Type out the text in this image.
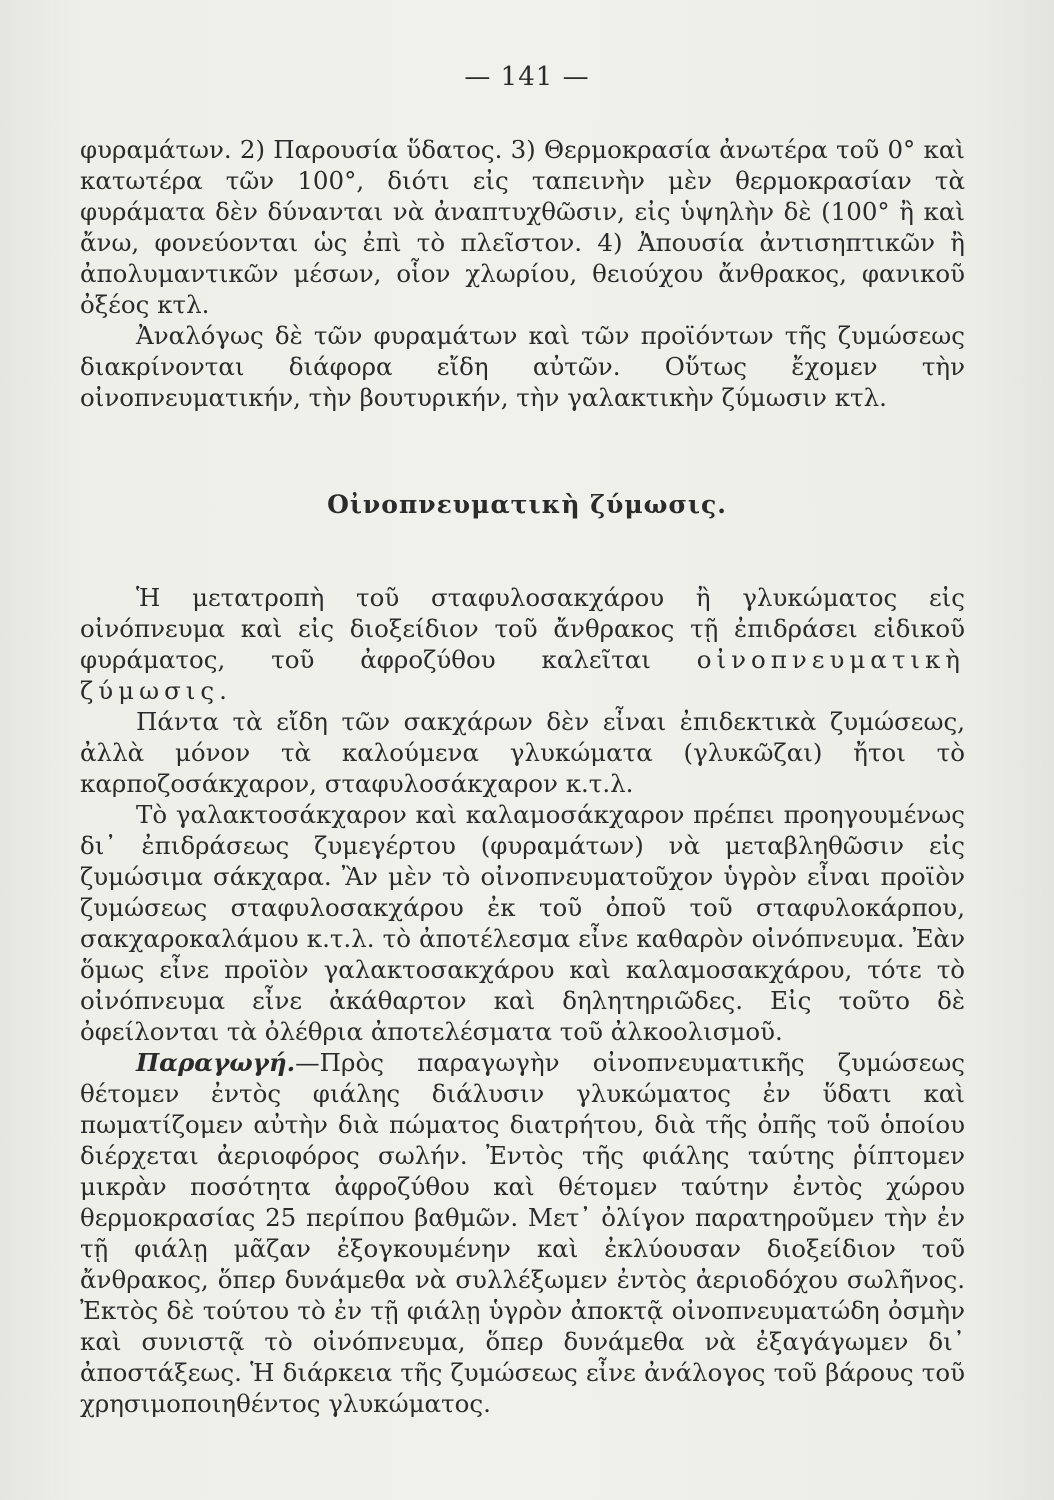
— 141 —

φυραμάτων. 2) Παρουσία ὕδατος. 3) Θερμοκρασία ἀνωτέρα τοῦ 0° καὶ κατωτέρα τῶν 100°, διότι εἰς ταπεινὴν μὲν θερμοκρασίαν τὰ φυράματα δὲν δύνανται νὰ ἀναπτυχθῶσιν, εἰς ὑψηλὴν δὲ (100° ἢ καὶ ἄνω, φονεύονται ὡς ἐπὶ τὸ πλεῖστον. 4) Ἀπουσία ἀντισηπτικῶν ἢ ἀπολυμαντικῶν μέσων, οἷον χλωρίου, θειούχου ἄνθρακος, φανικοῦ ὀξέος κτλ.

Ἀναλόγως δὲ τῶν φυραμάτων καὶ τῶν προϊόντων τῆς ζυμώσεως διακρίνονται διάφορα εἴδη αὐτῶν. Οὕτως ἔχομεν τὴν οἰνοπνευματικήν, τὴν βουτυρικήν, τὴν γαλακτικὴν ζύμωσιν κτλ.

Οἰνοπνευματικὴ ζύμωσις.

Ἡ μετατροπὴ τοῦ σταφυλοσακχάρου ἢ γλυκώματος εἰς οἰνόπνευμα καὶ εἰς διοξείδιον τοῦ ἄνθρακος τῇ ἐπιδράσει εἰδικοῦ φυράματος, τοῦ ἀφροζύθου καλεῖται οἰνοπνευματικὴ ζύμωσις.

Πάντα τὰ εἴδη τῶν σακχάρων δὲν εἶναι ἐπιδεκτικὰ ζυμώσεως, ἀλλὰ μόνον τὰ καλούμενα γλυκώματα (γλυκῶζαι) ἤτοι τὸ καρποζοσάκχαρον, σταφυλοσάκχαρον κ.τ.λ.

Τὸ γαλακτοσάκχαρον καὶ καλαμοσάκχαρον πρέπει προηγουμένως δι᾽ ἐπιδράσεως ζυμεγέρτου (φυραμάτων) νὰ μεταβληθῶσιν εἰς ζυμώσιμα σάκχαρα. Ἂν μὲν τὸ οἰνοπνευματοῦχον ὑγρὸν εἶναι προϊὸν ζυμώσεως σταφυλοσακχάρου ἐκ τοῦ ὀποῦ τοῦ σταφυλοκάρπου, σακχαροκαλάμου κ.τ.λ. τὸ ἀποτέλεσμα εἶνε καθαρὸν οἰνόπνευμα. Ἐὰν ὅμως εἶνε προϊὸν γαλακτοσακχάρου καὶ καλαμοσακχάρου, τότε τὸ οἰνόπνευμα εἶνε ἀκάθαρτον καὶ δηλητηριῶδες. Εἰς τοῦτο δὲ ὀφείλονται τὰ ὀλέθρια ἀποτελέσματα τοῦ ἀλκοολισμοῦ.

Παραγωγή.—Πρὸς παραγωγὴν οἰνοπνευματικῆς ζυμώσεως θέτομεν ἐντὸς φιάλης διάλυσιν γλυκώματος ἐν ὕδατι καὶ πωματίζομεν αὐτὴν διὰ πώματος διατρήτου, διὰ τῆς ὀπῆς τοῦ ὁποίου διέρχεται ἀεριοφόρος σωλήν. Ἐντὸς τῆς φιάλης ταύτης ῥίπτομεν μικρὰν ποσότητα ἀφροζύθου καὶ θέτομεν ταύτην ἐντὸς χώρου θερμοκρασίας 25 περίπου βαθμῶν. Μετ᾽ ὀλίγον παρατηροῦμεν τὴν ἐν τῇ φιάλῃ μᾶζαν ἐξογκουμένην καὶ ἐκλύουσαν διοξείδιον τοῦ ἄνθρακος, ὅπερ δυνάμεθα νὰ συλλέξωμεν ἐντὸς ἀεριοδόχου σωλῆνος. Ἐκτὸς δὲ τούτου τὸ ἐν τῇ φιάλῃ ὑγρὸν ἀποκτᾷ οἰνοπνευματώδη ὀσμὴν καὶ συνιστᾷ τὸ οἰνόπνευμα, ὅπερ δυνάμεθα νὰ ἐξαγάγωμεν δι᾽ ἀποστάξεως. Ἡ διάρκεια τῆς ζυμώσεως εἶνε ἀνάλογος τοῦ βάρους τοῦ χρησιμοποιηθέντος γλυκώματος.
